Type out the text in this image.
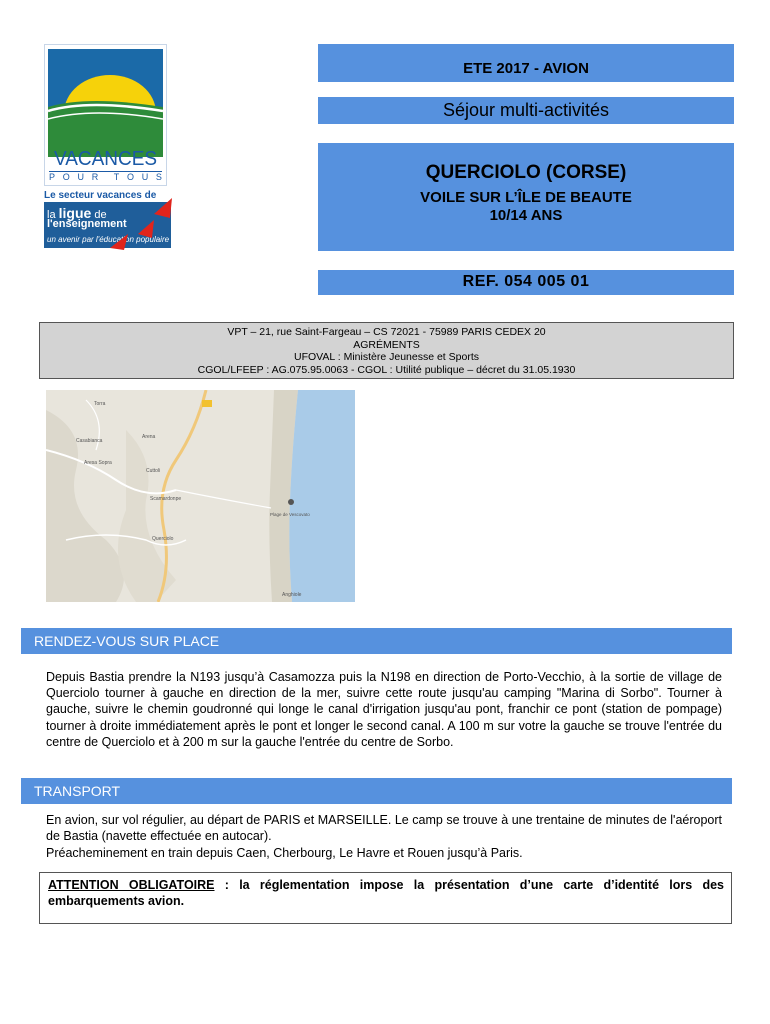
VACANCES
P O U R T O U S
Le secteur vacances de
la ligue de
l'enseignement
un avenir par l'éducation populaire
ETE 2017 - AVION
Séjour multi-activités
QUERCIOLO (CORSE)
VOILE SUR L’ÎLE DE BEAUTE
10/14 ANS
REF. 054 005 01
VPT – 21, rue Saint-Fargeau – CS 72021 - 75989 PARIS CEDEX 20
AGRÉMENTS
UFOVAL : Ministère Jeunesse et Sports
CGOL/LFEEP : AG.075.95.0063 - CGOL : Utilité publique – décret du 31.05.1930
Torra
Arena
Casabianca
Aresa Sopra
Cuttoli
Scamardonpe
Querciolo
Plage de Vescovato
Anghiole
RENDEZ-VOUS SUR PLACE
Depuis Bastia prendre la N193 jusqu’à Casamozza puis la N198 en direction de Porto-Vecchio, à la sortie de village de Querciolo tourner à gauche en direction de la mer, suivre cette route jusqu'au camping "Marina di Sorbo". Tourner à gauche, suivre le chemin goudronné qui longe le canal d'irrigation jusqu'au pont, franchir ce pont (station de pompage) tourner à droite immédiatement après le pont et longer le second canal. A 100 m sur votre la gauche se trouve l'entrée du centre de Querciolo et à 200 m sur la gauche l'entrée du centre de Sorbo.
TRANSPORT
En avion, sur vol régulier, au départ de PARIS et MARSEILLE. Le camp se trouve à une trentaine de minutes de l'aéroport de Bastia (navette effectuée en autocar).
Préacheminement en train depuis Caen, Cherbourg, Le Havre et Rouen jusqu’à Paris.
ATTENTION OBLIGATOIRE : la réglementation impose la présentation d’une carte d’identité lors des embarquements avion.
